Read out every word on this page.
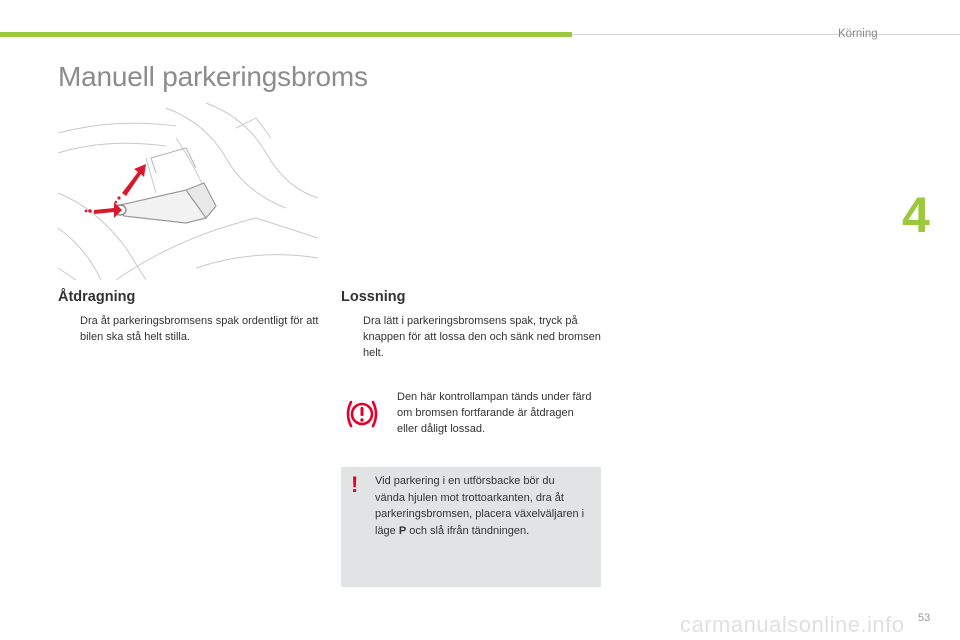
Körning
4
Manuell parkeringsbroms
Åtdragning
Dra åt parkeringsbromsens spak ordentligt för att bilen ska stå helt stilla.
Lossning
Dra lätt i parkeringsbromsens spak, tryck på knappen för att lossa den och sänk ned bromsen helt.
Den här kontrollampan tänds under färd om bromsen fortfarande är åtdragen eller dåligt lossad.
! Vid parkering i en utförsbacke bör du vända hjulen mot trottoarkanten, dra åt parkeringsbromsen, placera växelväljaren i läge P och slå ifrån tändningen.
carmanualsonline.info 53
